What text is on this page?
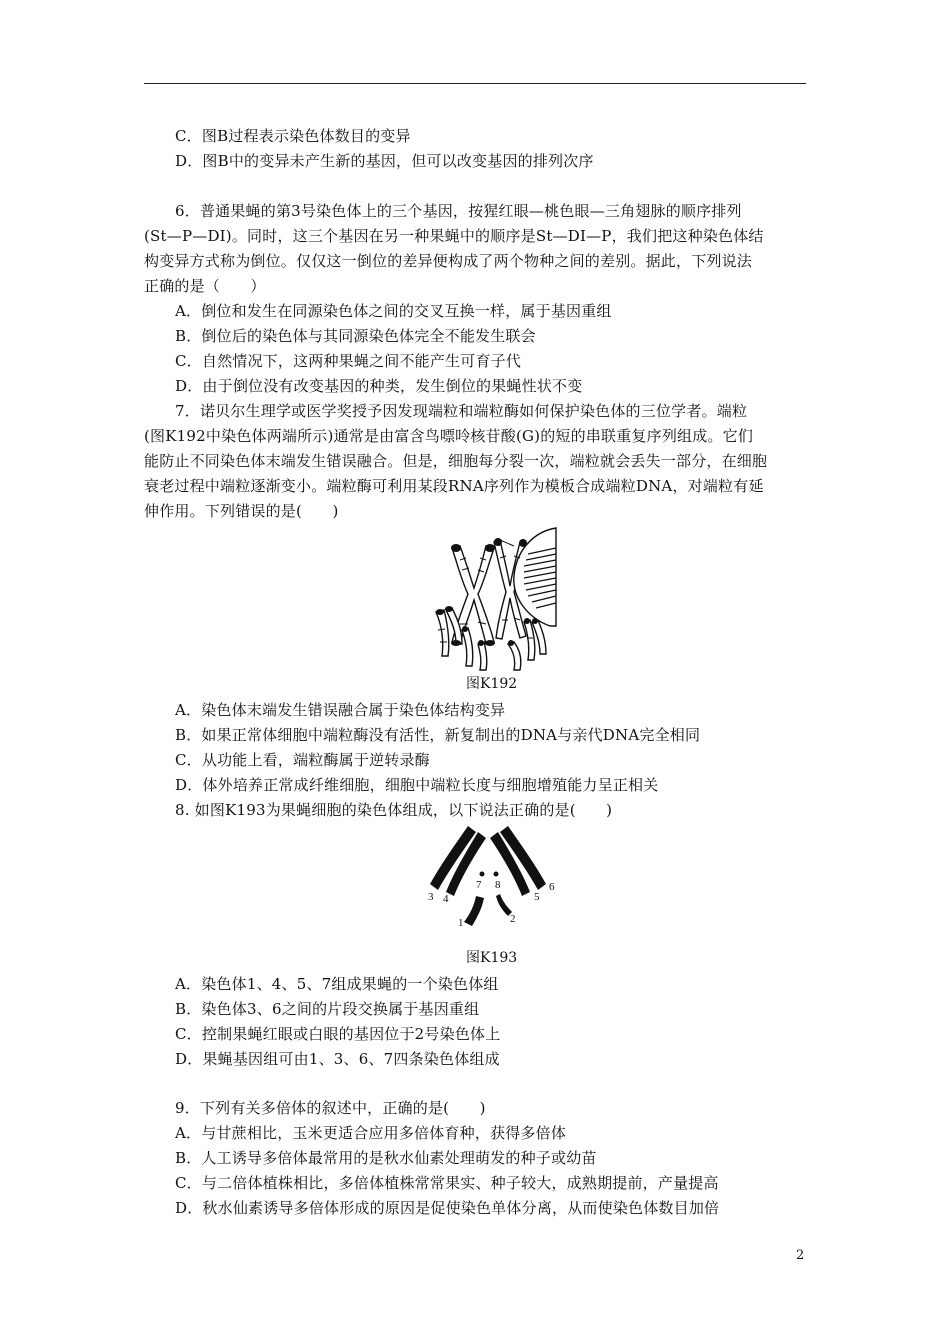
C．图B过程表示染色体数目的变异
D．图B中的变异未产生新的基因，但可以改变基因的排列次序
6．普通果蝇的第3号染色体上的三个基因，按猩红眼—桃色眼—三角翅脉的顺序排列
(St—P—DI)。同时，这三个基因在另一种果蝇中的顺序是St—DI—P，我们把这种染色体结
构变异方式称为倒位。仅仅这一倒位的差异便构成了两个物种之间的差别。据此，下列说法
正确的是（　　）
A．倒位和发生在同源染色体之间的交叉互换一样，属于基因重组
B．倒位后的染色体与其同源染色体完全不能发生联会
C．自然情况下，这两种果蝇之间不能产生可育子代
D．由于倒位没有改变基因的种类，发生倒位的果蝇性状不变
7．诺贝尔生理学或医学奖授予因发现端粒和端粒酶如何保护染色体的三位学者。端粒
(图K192中染色体两端所示)通常是由富含鸟嘌呤核苷酸(G)的短的串联重复序列组成。它们
能防止不同染色体末端发生错误融合。但是，细胞每分裂一次，端粒就会丢失一部分，在细胞
衰老过程中端粒逐渐变小。端粒酶可利用某段RNA序列作为模板合成端粒DNA，对端粒有延
伸作用。下列错误的是(　　)
图K192
A．染色体末端发生错误融合属于染色体结构变异
B．如果正常体细胞中端粒酶没有活性，新复制出的DNA与亲代DNA完全相同
C．从功能上看，端粒酶属于逆转录酶
D．体外培养正常成纤维细胞，细胞中端粒长度与细胞增殖能力呈正相关
8. 如图K193为果蝇细胞的染色体组成，以下说法正确的是(　　)
3 4
7 8
5
6
1	2
图K193
A．染色体1、4、5、7组成果蝇的一个染色体组
B．染色体3、6之间的片段交换属于基因重组
C．控制果蝇红眼或白眼的基因位于2号染色体上
D．果蝇基因组可由1、3、6、7四条染色体组成
9．下列有关多倍体的叙述中，正确的是(　　)
A．与甘蔗相比，玉米更适合应用多倍体育种，获得多倍体
B．人工诱导多倍体最常用的是秋水仙素处理萌发的种子或幼苗
C．与二倍体植株相比，多倍体植株常常果实、种子较大，成熟期提前，产量提高
D．秋水仙素诱导多倍体形成的原因是促使染色单体分离，从而使染色体数目加倍
2
